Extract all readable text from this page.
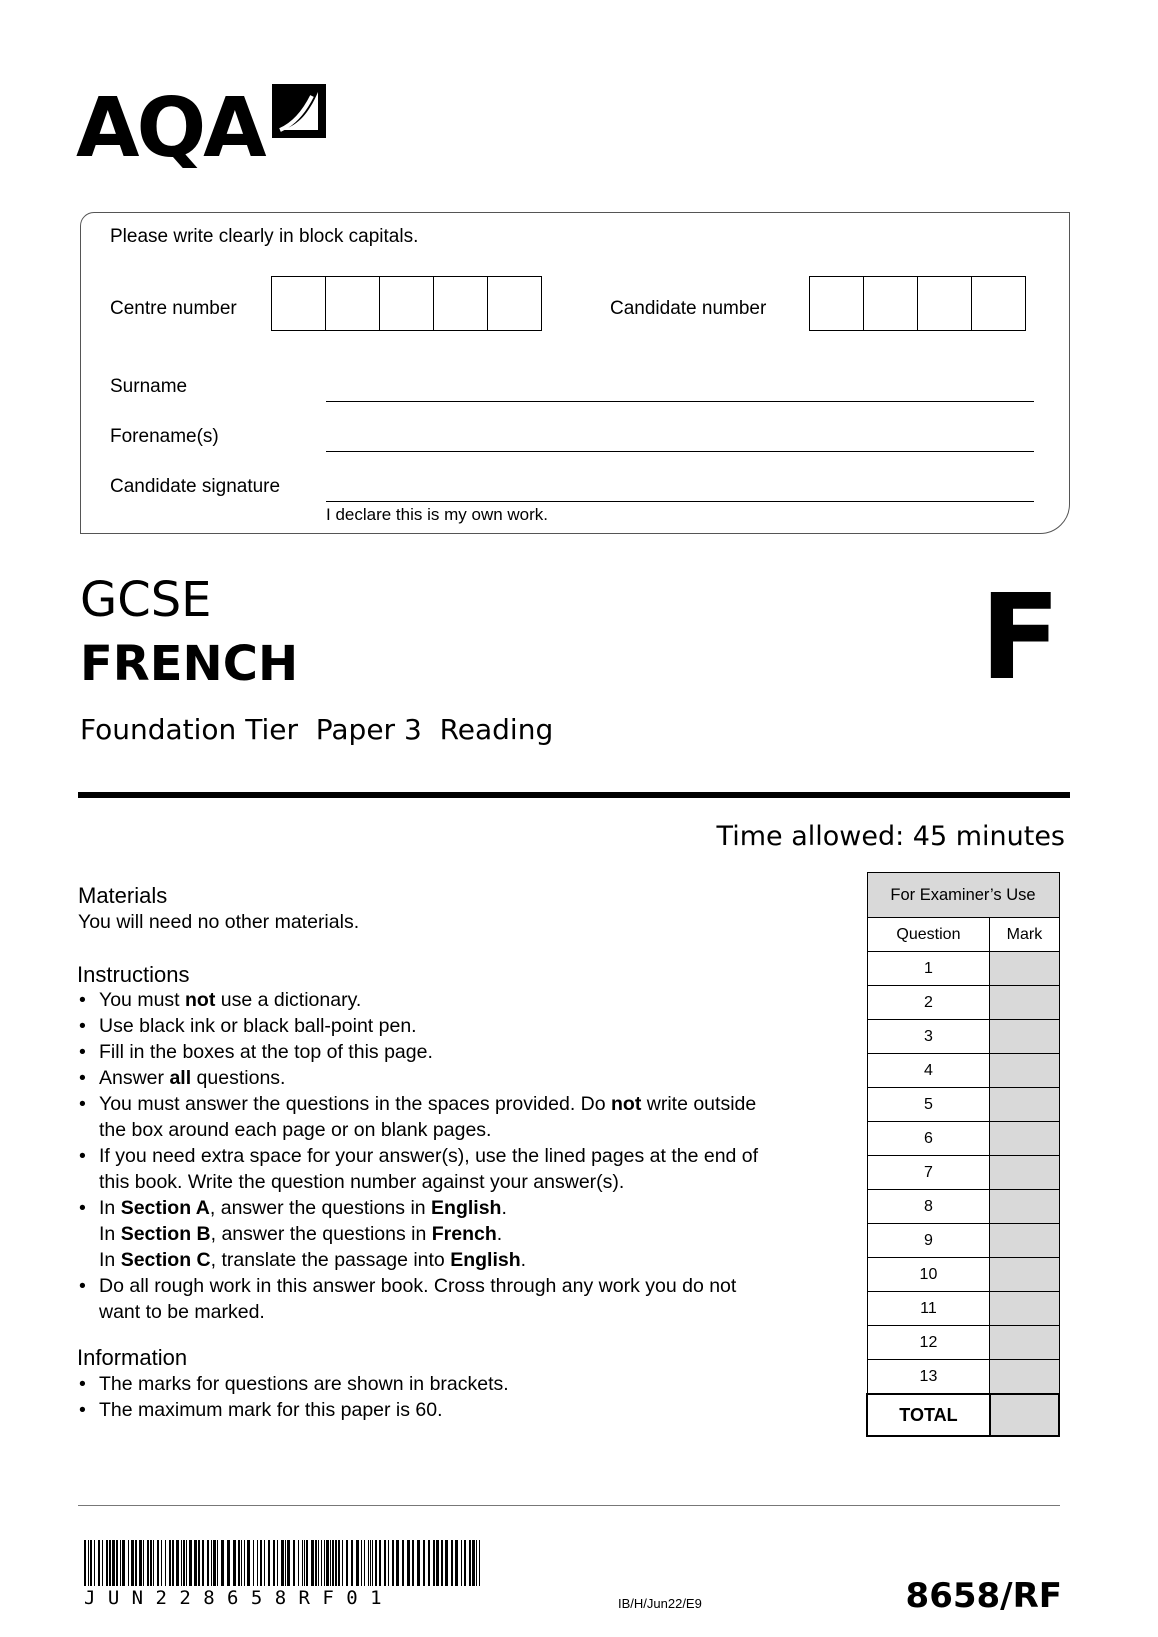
AQA
Please write clearly in block capitals.
Centre number	Candidate number
Surname
Forename(s)
Candidate signature
I declare this is my own work.
GCSE
FRENCH
Foundation Tier  Paper 3  Reading
F
Time allowed: 45 minutes
Materials
You will need no other materials.
Instructions
• You must not use a dictionary.
• Use black ink or black ball-point pen.
• Fill in the boxes at the top of this page.
• Answer all questions.
• You must answer the questions in the spaces provided. Do not write outside
the box around each page or on blank pages.
• If you need extra space for your answer(s), use the lined pages at the end of
this book. Write the question number against your answer(s).
• In Section A, answer the questions in English.
In Section B, answer the questions in French.
In Section C, translate the passage into English.
• Do all rough work in this answer book. Cross through any work you do not
want to be marked.
Information
• The marks for questions are shown in brackets.
• The maximum mark for this paper is 60.
For Examiner’s Use	
Question	Mark
1	
2	
3	
4	
5	
6	
7	
8	
9	
10	
11	
12	
13	
TOTAL	
JUN228658RF01	IB/H/Jun22/E9	8658/RF
